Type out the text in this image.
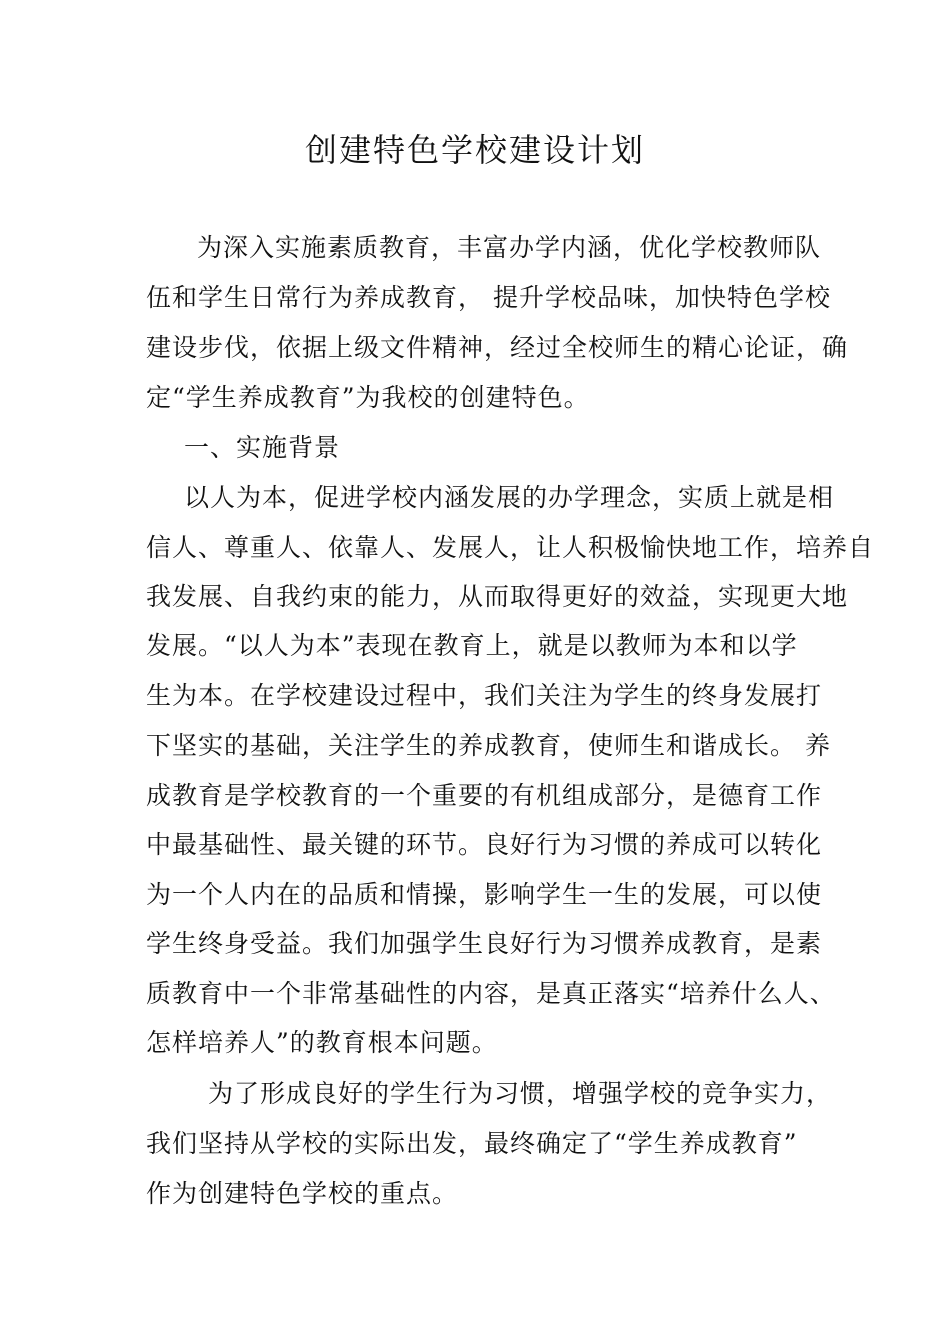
创建特色学校建设计划
为深入实施素质教育，丰富办学内涵，优化学校教师队
伍和学生日常行为养成教育， 提升学校品味，加快特色学校
建设步伐，依据上级文件精神，经过全校师生的精心论证，确
定“学生养成教育”为我校的创建特色。
一、实施背景
以人为本，促进学校内涵发展的办学理念，实质上就是相
信人、尊重人、依靠人、发展人，让人积极愉快地工作，培养自
我发展、自我约束的能力，从而取得更好的效益，实现更大地
发展。“以人为本”表现在教育上，就是以教师为本和以学
生为本。在学校建设过程中，我们关注为学生的终身发展打
下坚实的基础，关注学生的养成教育，使师生和谐成长。 养
成教育是学校教育的一个重要的有机组成部分，是德育工作
中最基础性、最关键的环节。良好行为习惯的养成可以转化
为一个人内在的品质和情操，影响学生一生的发展，可以使
学生终身受益。我们加强学生良好行为习惯养成教育，是素
质教育中一个非常基础性的内容，是真正落实“培养什么人、
怎样培养人”的教育根本问题。
为了形成良好的学生行为习惯，增强学校的竞争实力，
我们坚持从学校的实际出发，最终确定了“学生养成教育”
作为创建特色学校的重点。
